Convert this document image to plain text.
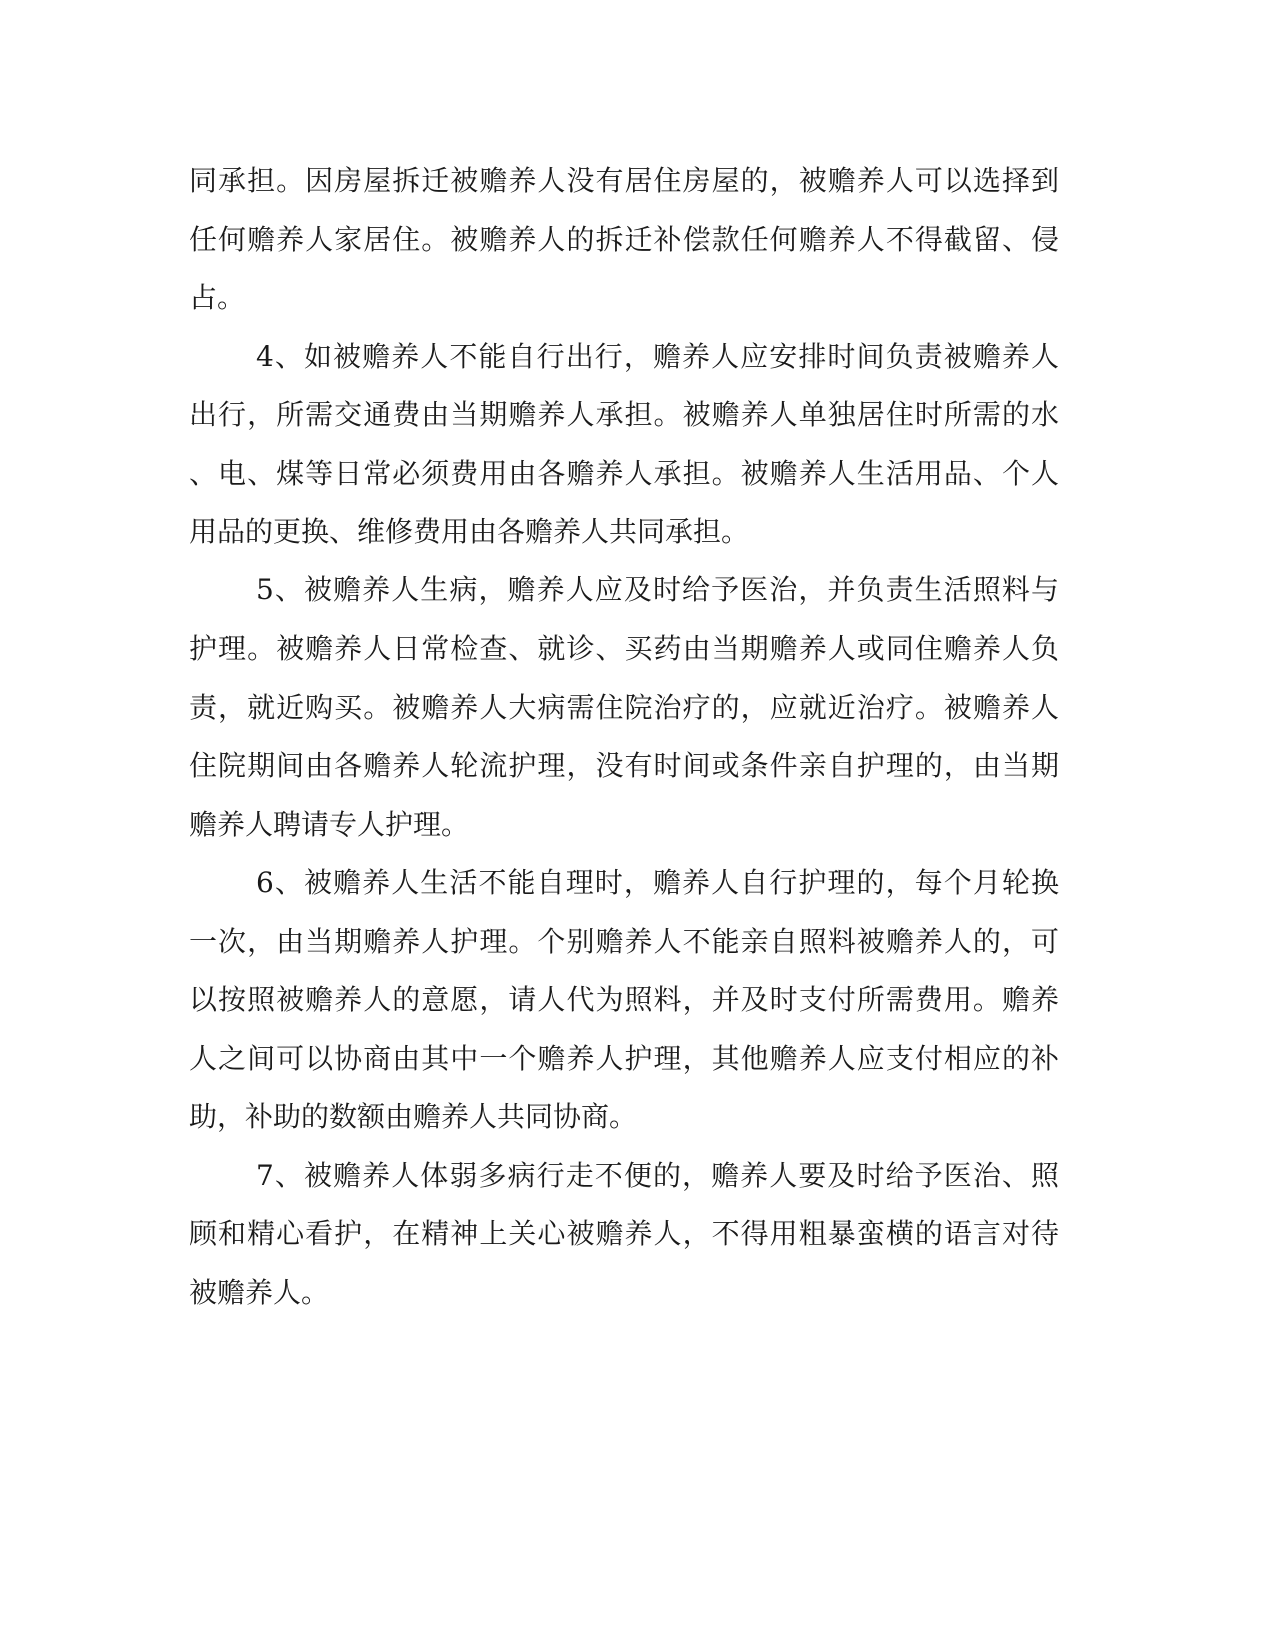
同承担。因房屋拆迁被赡养人没有居住房屋的，被赡养人可以选择到
任何赡养人家居住。被赡养人的拆迁补偿款任何赡养人不得截留、侵
占。
4、如被赡养人不能自行出行，赡养人应安排时间负责被赡养人
出行，所需交通费由当期赡养人承担。被赡养人单独居住时所需的水
、电、煤等日常必须费用由各赡养人承担。被赡养人生活用品、个人
用品的更换、维修费用由各赡养人共同承担。
5、被赡养人生病，赡养人应及时给予医治，并负责生活照料与
护理。被赡养人日常检查、就诊、买药由当期赡养人或同住赡养人负
责，就近购买。被赡养人大病需住院治疗的，应就近治疗。被赡养人
住院期间由各赡养人轮流护理，没有时间或条件亲自护理的，由当期
赡养人聘请专人护理。
6、被赡养人生活不能自理时，赡养人自行护理的，每个月轮换
一次，由当期赡养人护理。个别赡养人不能亲自照料被赡养人的，可
以按照被赡养人的意愿，请人代为照料，并及时支付所需费用。赡养
人之间可以协商由其中一个赡养人护理，其他赡养人应支付相应的补
助，补助的数额由赡养人共同协商。
7、被赡养人体弱多病行走不便的，赡养人要及时给予医治、照
顾和精心看护，在精神上关心被赡养人，不得用粗暴蛮横的语言对待
被赡养人。
